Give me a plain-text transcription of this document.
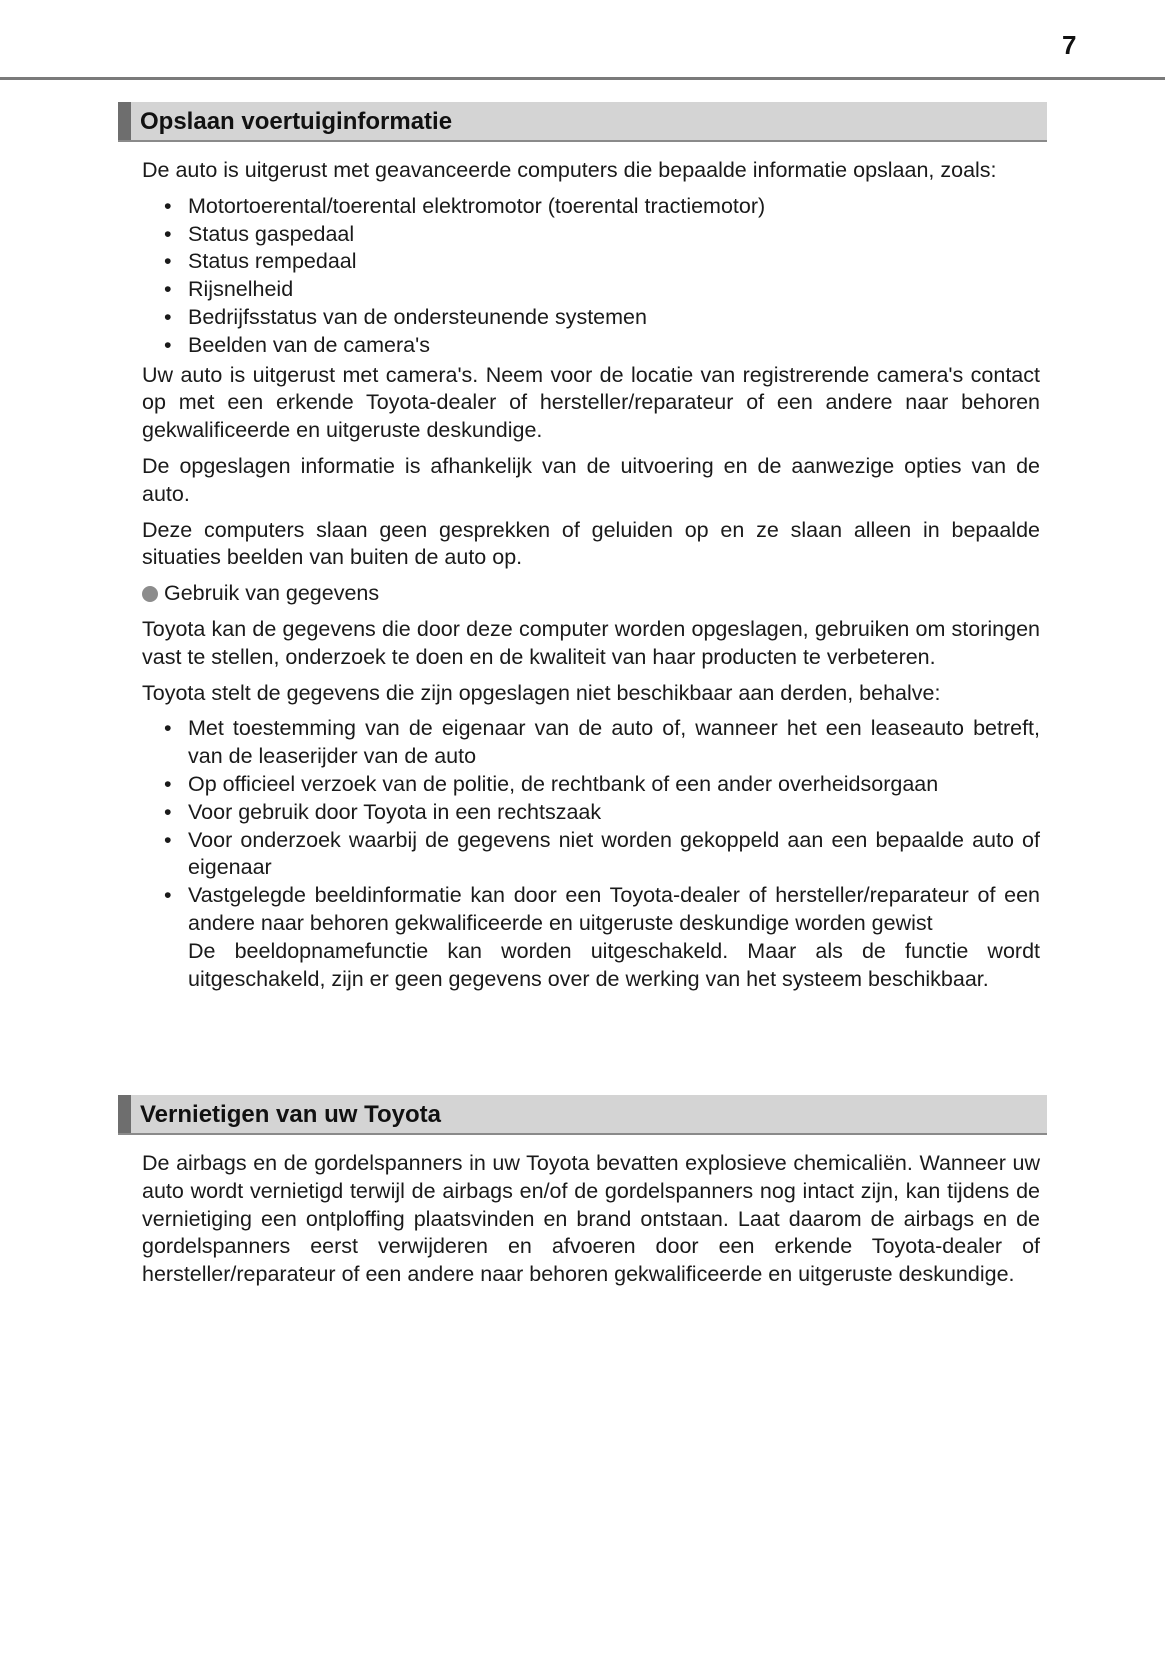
7
Opslaan voertuiginformatie

De auto is uitgerust met geavanceerde computers die bepaalde informatie opslaan, zoals:

• Motortoerental/toerental elektromotor (toerental tractiemotor)
• Status gaspedaal
• Status rempedaal
• Rijsnelheid
• Bedrijfsstatus van de ondersteunende systemen
• Beelden van de camera's

Uw auto is uitgerust met camera's. Neem voor de locatie van registrerende camera's contact op met een erkende Toyota-dealer of hersteller/reparateur of een andere naar behoren gekwalificeerde en uitgeruste deskundige.

De opgeslagen informatie is afhankelijk van de uitvoering en de aanwezige opties van de auto.

Deze computers slaan geen gesprekken of geluiden op en ze slaan alleen in bepaalde situaties beelden van buiten de auto op.

Gebruik van gegevens

Toyota kan de gegevens die door deze computer worden opgeslagen, gebruiken om storingen vast te stellen, onderzoek te doen en de kwaliteit van haar producten te verbeteren.

Toyota stelt de gegevens die zijn opgeslagen niet beschikbaar aan derden, behalve:

• Met toestemming van de eigenaar van de auto of, wanneer het een leaseauto betreft, van de leaserijder van de auto
• Op officieel verzoek van de politie, de rechtbank of een ander overheidsorgaan
• Voor gebruik door Toyota in een rechtszaak
• Voor onderzoek waarbij de gegevens niet worden gekoppeld aan een bepaalde auto of eigenaar
• Vastgelegde beeldinformatie kan door een Toyota-dealer of hersteller/reparateur of een andere naar behoren gekwalificeerde en uitgeruste deskundige worden gewist
De beeldopnamefunctie kan worden uitgeschakeld. Maar als de functie wordt uitgeschakeld, zijn er geen gegevens over de werking van het systeem beschikbaar.
Vernietigen van uw Toyota

De airbags en de gordelspanners in uw Toyota bevatten explosieve chemicaliën. Wanneer uw auto wordt vernietigd terwijl de airbags en/of de gordelspanners nog intact zijn, kan tijdens de vernietiging een ontploffing plaatsvinden en brand ontstaan. Laat daarom de airbags en de gordelspanners eerst verwijderen en afvoeren door een erkende Toyota-dealer of hersteller/reparateur of een andere naar behoren gekwalificeerde en uitgeruste deskundige.
